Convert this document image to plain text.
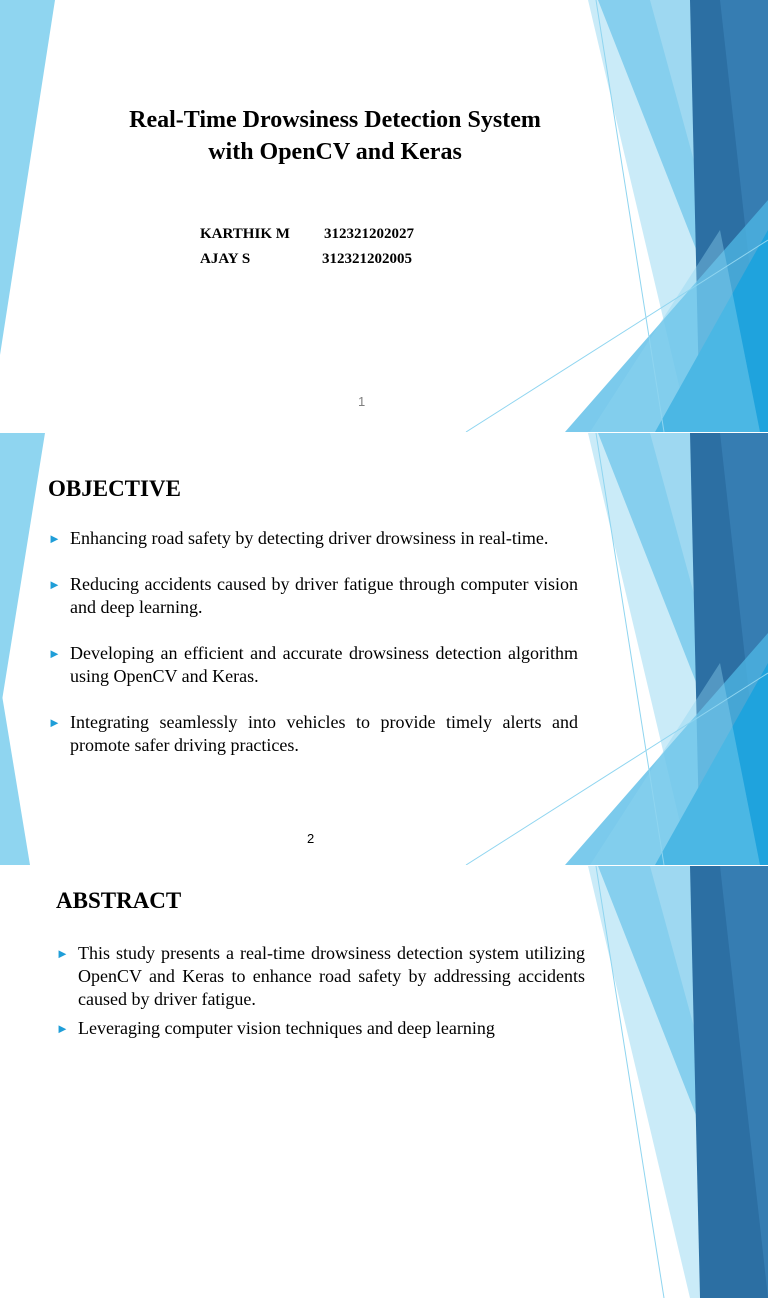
Real-Time Drowsiness Detection System
with OpenCV and Keras
KARTHIK M 312321202027
AJAY S	312321202005
1
OBJECTIVE
► Enhancing road safety by detecting driver drowsiness in real-time.
► Reducing accidents caused by driver fatigue through computer vision and deep learning.
► Developing an efficient and accurate drowsiness detection algorithm using OpenCV and Keras.
► Integrating seamlessly into vehicles to provide timely alerts and promote safer driving practices.
2
ABSTRACT
► This study presents a real-time drowsiness detection system utilizing OpenCV and Keras to enhance road safety by addressing accidents caused by driver fatigue.
► Leveraging computer vision techniques and deep learning
